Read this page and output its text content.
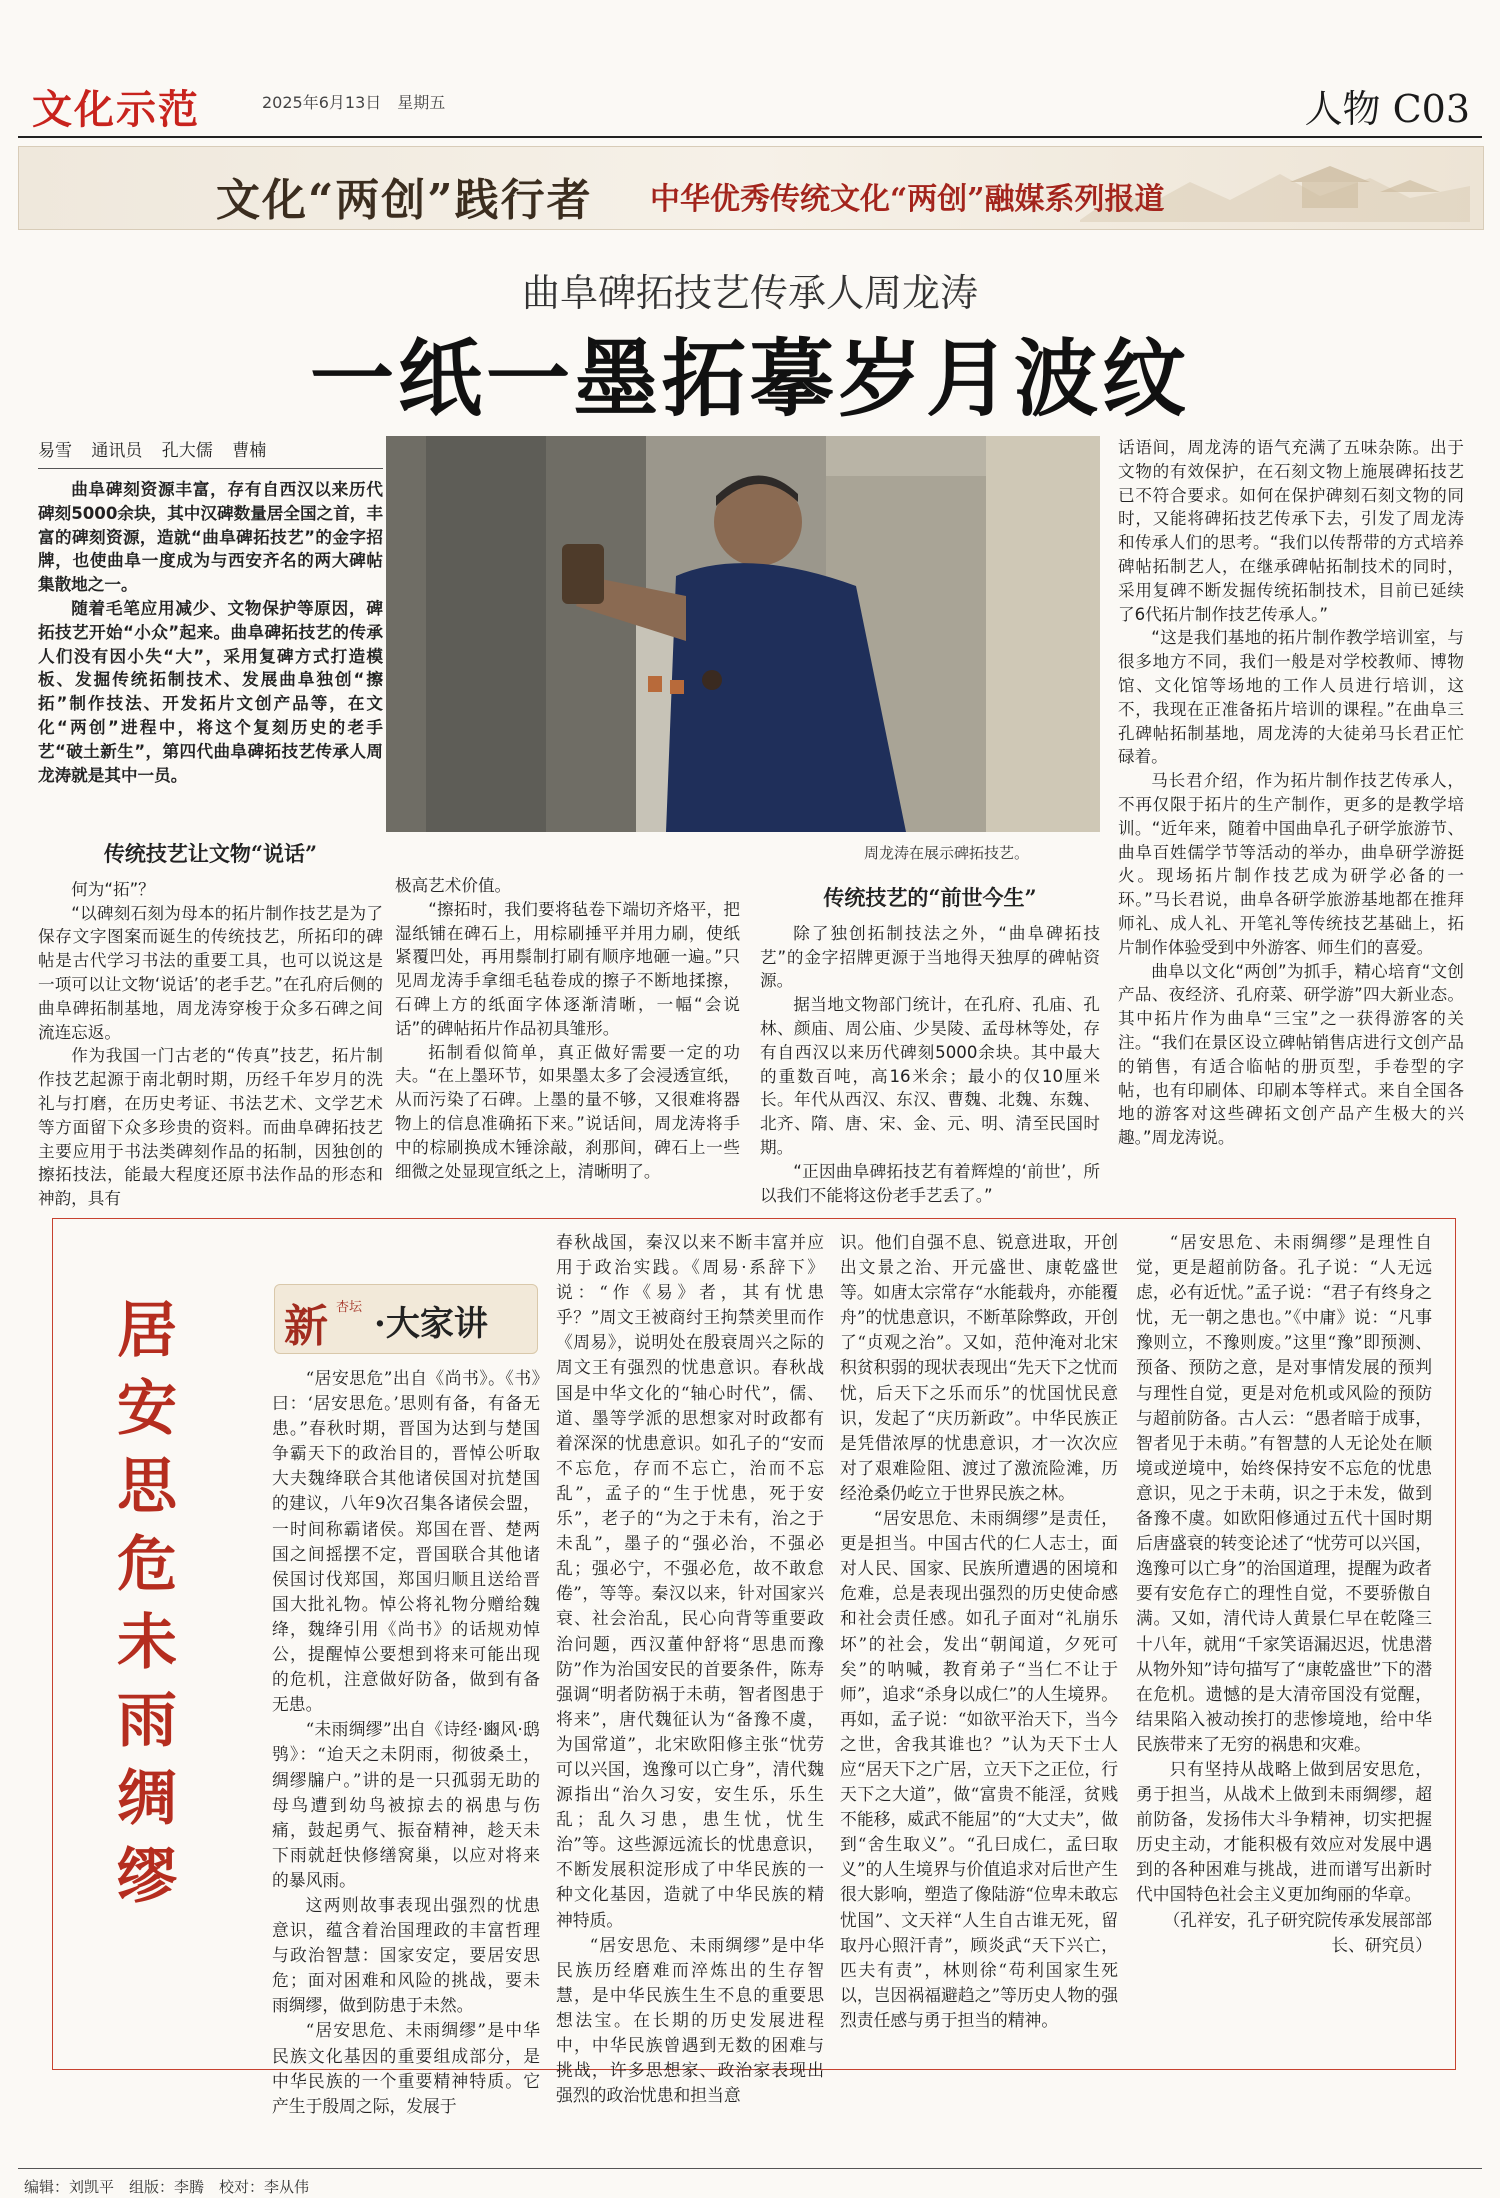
文化示范	2025年6月13日　星期五	人物 C03
文化“两创”践行者 中华优秀传统文化“两创”融媒系列报道
曲阜碑拓技艺传承人周龙涛
一纸一墨拓摹岁月波纹
易雪 通讯员 孔大儒 曹楠

曲阜碑刻资源丰富，存有自西汉以来历代碑刻5000余块，其中汉碑数量居全国之首，丰富的碑刻资源，造就“曲阜碑拓技艺”的金字招牌，也使曲阜一度成为与西安齐名的两大碑帖集散地之一。

随着毛笔应用减少、文物保护等原因，碑拓技艺开始“小众”起来。曲阜碑拓技艺的传承人们没有因小失“大”，采用复碑方式打造模板、发掘传统拓制技术、发展曲阜独创“擦拓”制作技法、开发拓片文创产品等，在文化“两创”进程中，将这个复刻历史的老手艺“破土新生”，第四代曲阜碑拓技艺传承人周龙涛就是其中一员。

周龙涛在展示碑拓技艺。

传统技艺让文物“说话”

何为“拓”？

“以碑刻石刻为母本的拓片制作技艺是为了保存文字图案而诞生的传统技艺，所拓印的碑帖是古代学习书法的重要工具，也可以说这是一项可以让文物‘说话’的老手艺。”在孔府后侧的曲阜碑拓制基地，周龙涛穿梭于众多石碑之间流连忘返。

作为我国一门古老的“传真”技艺，拓片制作技艺起源于南北朝时期，历经千年岁月的洗礼与打磨，在历史考证、书法艺术、文学艺术等方面留下众多珍贵的资料。而曲阜碑拓技艺主要应用于书法类碑刻作品的拓制，因独创的擦拓技法，能最大程度还原书法作品的形态和神韵，具有

极高艺术价值。

“擦拓时，我们要将毡卷下端切齐烙平，把湿纸铺在碑石上，用棕刷捶平并用力刷，使纸紧覆凹处，再用鬃制打刷有顺序地砸一遍。”只见周龙涛手拿细毛毡卷成的擦子不断地揉擦，石碑上方的纸面字体逐渐清晰，一幅“会说话”的碑帖拓片作品初具雏形。

拓制看似简单，真正做好需要一定的功夫。“在上墨环节，如果墨太多了会浸透宣纸，从而污染了石碑。上墨的量不够，又很难将器物上的信息准确拓下来。”说话间，周龙涛将手中的棕刷换成木锤涂敲，刹那间，碑石上一些细微之处显现宣纸之上，清晰明了。

传统技艺的“前世今生”

除了独创拓制技法之外，“曲阜碑拓技艺”的金字招牌更源于当地得天独厚的碑帖资源。

据当地文物部门统计，在孔府、孔庙、孔林、颜庙、周公庙、少昊陵、孟母林等处，存有自西汉以来历代碑刻5000余块。其中最大的重数百吨，高16米余；最小的仅10厘米长。年代从西汉、东汉、曹魏、北魏、东魏、北齐、隋、唐、宋、金、元、明、清至民国时期。

“正因曲阜碑拓技艺有着辉煌的‘前世’，所以我们不能将这份老手艺丢了。”

话语间，周龙涛的语气充满了五味杂陈。出于文物的有效保护，在石刻文物上施展碑拓技艺已不符合要求。如何在保护碑刻石刻文物的同时，又能将碑拓技艺传承下去，引发了周龙涛和传承人们的思考。“我们以传帮带的方式培养碑帖拓制艺人，在继承碑帖拓制技术的同时，采用复碑不断发掘传统拓制技术，目前已延续了6代拓片制作技艺传承人。”

“这是我们基地的拓片制作教学培训室，与很多地方不同，我们一般是对学校教师、博物馆、文化馆等场地的工作人员进行培训，这不，我现在正准备拓片培训的课程。”在曲阜三孔碑帖拓制基地，周龙涛的大徒弟马长君正忙碌着。

马长君介绍，作为拓片制作技艺传承人，不再仅限于拓片的生产制作，更多的是教学培训。“近年来，随着中国曲阜孔子研学旅游节、曲阜百姓儒学节等活动的举办，曲阜研学游挺火。现场拓片制作技艺成为研学必备的一环。”马长君说，曲阜各研学旅游基地都在推拜师礼、成人礼、开笔礼等传统技艺基础上，拓片制作体验受到中外游客、师生们的喜爱。

曲阜以文化“两创”为抓手，精心培育“文创产品、夜经济、孔府菜、研学游”四大新业态。其中拓片作为曲阜“三宝”之一获得游客的关注。“我们在景区设立碑帖销售店进行文创产品的销售，有适合临帖的册页型，手卷型的字帖，也有印刷体、印刷本等样式。来自全国各地的游客对这些碑拓文创产品产生极大的兴趣。”周龙涛说。

居安思危　未雨绸缪
新 杏坛 ·大家讲

“居安思危”出自《尚书》。《书》曰：‘居安思危。’思则有备，有备无患。”春秋时期，晋国为达到与楚国争霸天下的政治目的，晋悼公听取大夫魏绛联合其他诸侯国对抗楚国的建议，八年9次召集各诸侯会盟，一时间称霸诸侯。郑国在晋、楚两国之间摇摆不定，晋国联合其他诸侯国讨伐郑国，郑国归顺且送给晋国大批礼物。悼公将礼物分赠给魏绛，魏绛引用《尚书》的话规劝悼公，提醒悼公要想到将来可能出现的危机，注意做好防备，做到有备无患。

“未雨绸缪”出自《诗经·豳风·鸱鸮》：“迨天之未阴雨，彻彼桑土，绸缪牖户。”讲的是一只孤弱无助的母鸟遭到幼鸟被掠去的祸患与伤痛，鼓起勇气、振奋精神，趁天未下雨就赶快修缮窝巢，以应对将来的暴风雨。

这两则故事表现出强烈的忧患意识，蕴含着治国理政的丰富哲理与政治智慧：国家安定，要居安思危；面对困难和风险的挑战，要未雨绸缪，做到防患于未然。

“居安思危、未雨绸缪”是中华民族文化基因的重要组成部分，是中华民族的一个重要精神特质。它产生于殷周之际，发展于

春秋战国，秦汉以来不断丰富并应用于政治实践。《周易·系辞下》说：“作《易》者，其有忧患乎？”周文王被商纣王拘禁羑里而作《周易》，说明处在殷衰周兴之际的周文王有强烈的忧患意识。春秋战国是中华文化的“轴心时代”，儒、道、墨等学派的思想家对时政都有着深深的忧患意识。如孔子的“安而不忘危，存而不忘亡，治而不忘乱”，孟子的“生于忧患，死于安乐”，老子的“为之于未有，治之于未乱”，墨子的“强必治，不强必乱；强必宁，不强必危，故不敢怠倦”，等等。秦汉以来，针对国家兴衰、社会治乱，民心向背等重要政治问题，西汉董仲舒将“思患而豫防”作为治国安民的首要条件，陈寿强调“明者防祸于未萌，智者图患于将来”，唐代魏征认为“备豫不虞，为国常道”，北宋欧阳修主张“忧劳可以兴国，逸豫可以亡身”，清代魏源指出“治久习安，安生乐，乐生乱；乱久习患，患生忧，忧生治”等。这些源远流长的忧患意识，不断发展积淀形成了中华民族的一种文化基因，造就了中华民族的精神特质。

“居安思危、未雨绸缪”是中华民族历经磨难而淬炼出的生存智慧，是中华民族生生不息的重要思想法宝。在长期的历史发展进程中，中华民族曾遇到无数的困难与挑战，许多思想家、政治家表现出强烈的政治忧患和担当意

识。他们自强不息、锐意进取，开创出文景之治、开元盛世、康乾盛世等。如唐太宗常存“水能载舟，亦能覆舟”的忧患意识，不断革除弊政，开创了“贞观之治”。又如，范仲淹对北宋积贫积弱的现状表现出“先天下之忧而忧，后天下之乐而乐”的忧国忧民意识，发起了“庆历新政”。中华民族正是凭借浓厚的忧患意识，才一次次应对了艰难险阻、渡过了激流险滩，历经沧桑仍屹立于世界民族之林。

“居安思危、未雨绸缪”是责任，更是担当。中国古代的仁人志士，面对人民、国家、民族所遭遇的困境和危难，总是表现出强烈的历史使命感和社会责任感。如孔子面对“礼崩乐坏”的社会，发出“朝闻道，夕死可矣”的呐喊，教育弟子“当仁不让于师”，追求“杀身以成仁”的人生境界。再如，孟子说：“如欲平治天下，当今之世，舍我其谁也？”认为天下士人应“居天下之广居，立天下之正位，行天下之大道”，做“富贵不能淫，贫贱不能移，威武不能屈”的“大丈夫”，做到“舍生取义”。“孔曰成仁，孟曰取义”的人生境界与价值追求对后世产生很大影响，塑造了像陆游“位卑未敢忘忧国”、文天祥“人生自古谁无死，留取丹心照汗青”，顾炎武“天下兴亡，匹夫有责”，林则徐“苟利国家生死以，岂因祸福避趋之”等历史人物的强烈责任感与勇于担当的精神。

“居安思危、未雨绸缪”是理性自觉，更是超前防备。孔子说：“人无远虑，必有近忧。”孟子说：“君子有终身之忧，无一朝之患也。”《中庸》说：“凡事豫则立，不豫则废。”这里“豫”即预测、预备、预防之意，是对事情发展的预判与理性自觉，更是对危机或风险的预防与超前防备。古人云：“愚者暗于成事，智者见于未萌。”有智慧的人无论处在顺境或逆境中，始终保持安不忘危的忧患意识，见之于未萌，识之于未发，做到备豫不虞。如欧阳修通过五代十国时期后唐盛衰的转变论述了“忧劳可以兴国，逸豫可以亡身”的治国道理，提醒为政者要有安危存亡的理性自觉，不要骄傲自满。又如，清代诗人黄景仁早在乾隆三十八年，就用“千家笑语漏迟迟，忧患潜从物外知”诗句描写了“康乾盛世”下的潜在危机。遗憾的是大清帝国没有觉醒，结果陷入被动挨打的悲惨境地，给中华民族带来了无穷的祸患和灾难。

只有坚持从战略上做到居安思危，勇于担当，从战术上做到未雨绸缪，超前防备，发扬伟大斗争精神，切实把握历史主动，才能积极有效应对发展中遇到的各种困难与挑战，进而谱写出新时代中国特色社会主义更加绚丽的华章。

（孔祥安，孔子研究院传承发展部部长、研究员）

编辑：刘凯平　组版：李腾　校对：李从伟
